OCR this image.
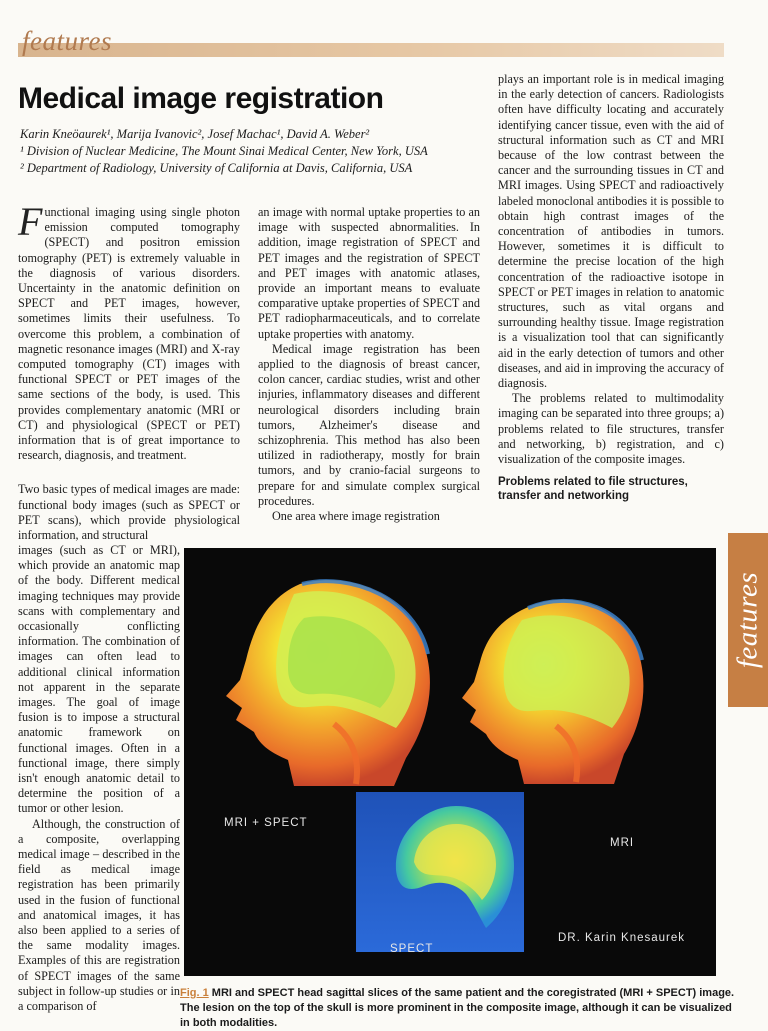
features
Medical image registration
Karin Kneöaurek¹, Marija Ivanovic², Josef Machac¹, David A. Weber²
¹ Division of Nuclear Medicine, The Mount Sinai Medical Center, New York, USA
² Department of Radiology, University of California at Davis, California, USA

Functional imaging using single photon emission computed tomography (SPECT) and positron emission tomography (PET) is extremely valuable in the diagnosis of various disorders. Uncertainty in the anatomic definition on SPECT and PET images, however, sometimes limits their usefulness. To overcome this problem, a combination of magnetic resonance images (MRI) and X-ray computed tomography (CT) images with functional SPECT or PET images of the same sections of the body, is used. This provides complementary anatomic (MRI or CT) and physiological (SPECT or PET) information that is of great importance to research, diagnosis, and treatment.

Two basic types of medical images are made: functional body images (such as SPECT or PET scans), which provide physiological information, and structural

images (such as CT or MRI), which provide an anatomic map of the body. Different medical imaging techniques may provide scans with complementary and occasionally conflicting information. The combination of images can often lead to additional clinical information not apparent in the separate images. The goal of image fusion is to impose a structural anatomic framework on functional images. Often in a functional image, there simply isn't enough anatomic detail to determine the position of a tumor or other lesion.

Although, the construction of a composite, overlapping medical image – described in the field as medical image registration has been primarily used in the fusion of functional and anatomical images, it has also been applied to a series of the same modality images. Examples of this are registration of SPECT images of the same subject in follow-up studies or in a comparison of

an image with normal uptake properties to an image with suspected abnormalities. In addition, image registration of SPECT and PET images and the registration of SPECT and PET images with anatomic atlases, provide an important means to evaluate comparative uptake properties of SPECT and PET radiopharmaceuticals, and to correlate uptake properties with anatomy.

Medical image registration has been applied to the diagnosis of breast cancer, colon cancer, cardiac studies, wrist and other injuries, inflammatory diseases and different neurological disorders including brain tumors, Alzheimer's disease and schizophrenia. This method has also been utilized in radiotherapy, mostly for brain tumors, and by cranio-facial surgeons to prepare for and simulate complex surgical procedures.

One area where image registration

plays an important role is in medical imaging in the early detection of cancers. Radiologists often have difficulty locating and accurately identifying cancer tissue, even with the aid of structural information such as CT and MRI because of the low contrast between the cancer and the surrounding tissues in CT and MRI images. Using SPECT and radioactively labeled monoclonal antibodies it is possible to obtain high contrast images of the concentration of antibodies in tumors. However, sometimes it is difficult to determine the precise location of the high concentration of the radioactive isotope in SPECT or PET images in relation to anatomic structures, such as vital organs and surrounding healthy tissue. Image registration is a visualization tool that can significantly aid in the early detection of tumors and other diseases, and aid in improving the accuracy of diagnosis.

The problems related to multimodality imaging can be separated into three groups; a) problems related to file structures, transfer and networking, b) registration, and c) visualization of the composite images.

Problems related to file structures, transfer and networking

MRI + SPECT
MRI
SPECT
DR. Karin Knesaurek
Fig. 1 MRI and SPECT head sagittal slices of the same patient and the coregistrated (MRI + SPECT) image. The lesion on the top of the skull is more prominent in the composite image, although it can be visualized in both modalities.
features
